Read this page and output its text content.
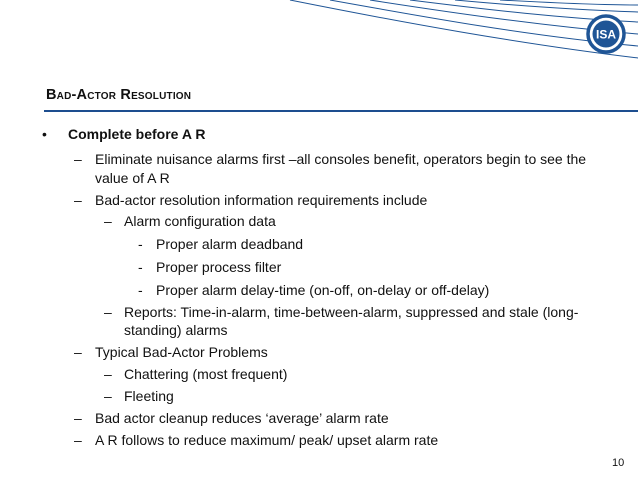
ISA
Bad-Actor Resolution
• Complete before A R
– Eliminate nuisance alarms first –all consoles benefit, operators begin to see the
value of A R
– Bad-actor resolution information requirements include
– Alarm configuration data
- Proper alarm deadband
- Proper process filter
- Proper alarm delay-time (on-off, on-delay or off-delay)
– Reports: Time-in-alarm, time-between-alarm, suppressed and stale (long-
standing) alarms
– Typical Bad-Actor Problems
– Chattering (most frequent)
– Fleeting
– Bad actor cleanup reduces ‘average’ alarm rate
– A R follows to reduce maximum/ peak/ upset alarm rate
10
